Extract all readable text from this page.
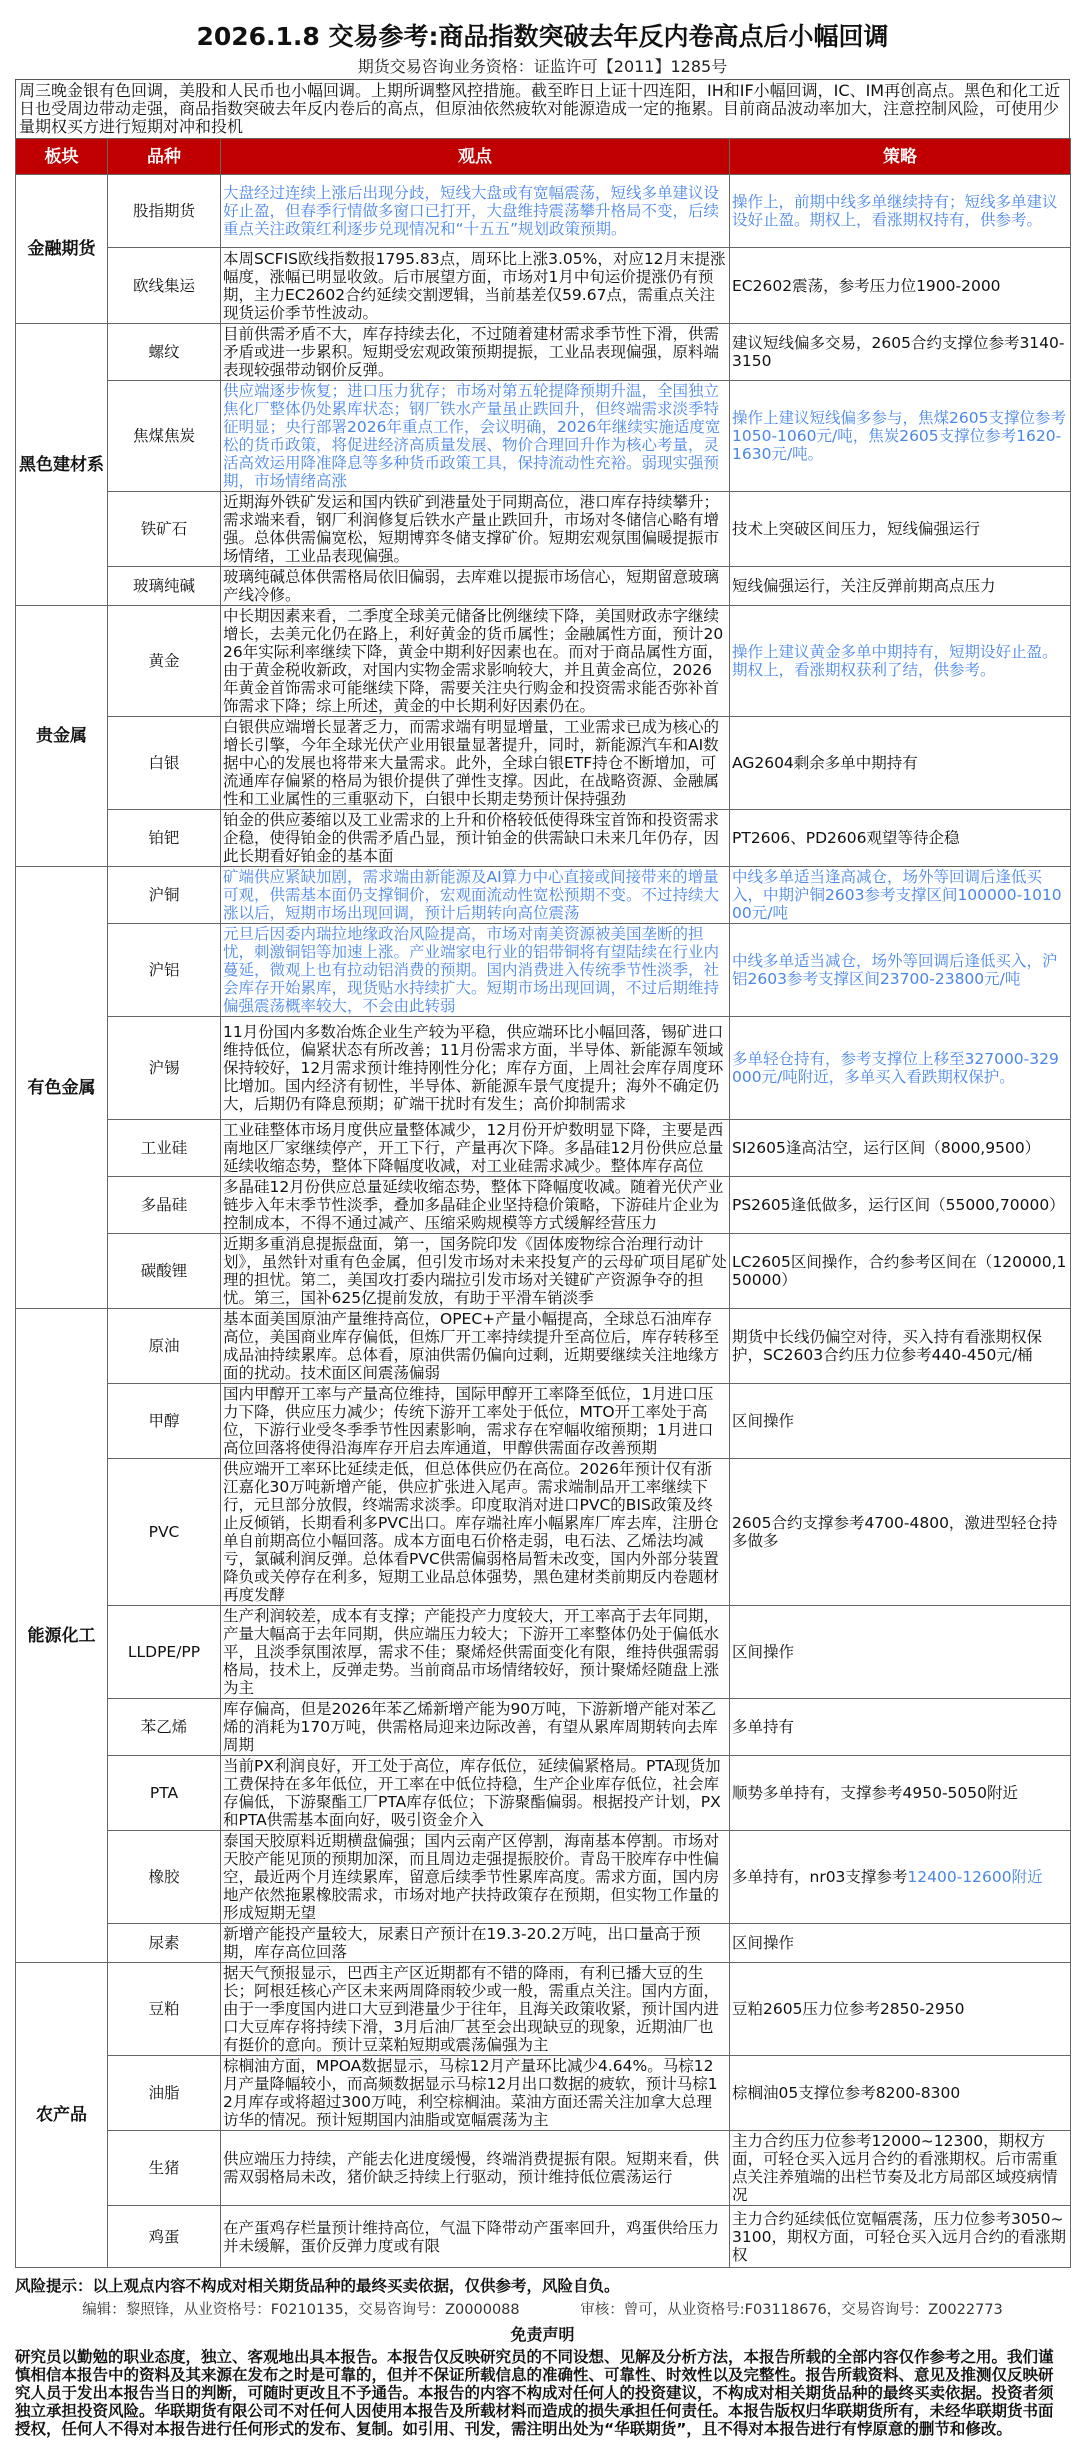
2026.1.8 交易参考:商品指数突破去年反内卷高点后小幅回调
期货交易咨询业务资格：证监许可【2011】1285号
周三晚金银有色回调，美股和人民币也小幅回调。上期所调整风控措施。截至昨日上证十四连阳，IH和IF小幅回调，IC、IM再创高点。黑色和化工近日也受周边带动走强，商品指数突破去年反内卷后的高点，但原油依然疲软对能源造成一定的拖累。目前商品波动率加大，注意控制风险，可使用少量期权买方进行短期对冲和投机
板块	品种	观点	策略
金融期货	股指期货	大盘经过连续上涨后出现分歧，短线大盘或有宽幅震荡，短线多单建议设好止盈，但春季行情做多窗口已打开，大盘维持震荡攀升格局不变，后续重点关注政策红利逐步兑现情况和“十五五”规划政策预期。	操作上，前期中线多单继续持有；短线多单建议设好止盈。期权上，看涨期权持有，供参考。
	欧线集运	本周SCFIS欧线指数报1795.83点，周环比上涨3.05%，对应12月末提涨幅度，涨幅已明显收敛。后市展望方面，市场对1月中旬运价提涨仍有预期，主力EC2602合约延续交割逻辑，当前基差仅59.67点，需重点关注现货运价季节性波动。	EC2602震荡，参考压力位1900-2000
黑色建材系	螺纹	目前供需矛盾不大，库存持续去化，不过随着建材需求季节性下滑，供需矛盾或进一步累积。短期受宏观政策预期提振，工业品表现偏强，原料端表现较强带动钢价反弹。	建议短线偏多交易，2605合约支撑位参考3140-3150
	焦煤焦炭	供应端逐步恢复；进口压力犹存；市场对第五轮提降预期升温，全国独立焦化厂整体仍处累库状态；钢厂铁水产量虽止跌回升，但终端需求淡季特征明显；央行部署2026年重点工作，会议明确，2026年继续实施适度宽松的货币政策，将促进经济高质量发展、物价合理回升作为核心考量，灵活高效运用降准降息等多种货币政策工具，保持流动性充裕。弱现实强预期，市场情绪高涨	操作上建议短线偏多参与，焦煤2605支撑位参考1050-1060元/吨，焦炭2605支撑位参考1620-1630元/吨。
	铁矿石	近期海外铁矿发运和国内铁矿到港量处于同期高位，港口库存持续攀升；需求端来看，钢厂利润修复后铁水产量止跌回升，市场对冬储信心略有增强。总体供需偏宽松，短期博弈冬储支撑矿价。短期宏观氛围偏暖提振市场情绪，工业品表现偏强。	技术上突破区间压力，短线偏强运行
	玻璃纯碱	玻璃纯碱总体供需格局依旧偏弱，去库难以提振市场信心，短期留意玻璃产线冷修。	短线偏强运行，关注反弹前期高点压力
贵金属	黄金	中长期因素来看，二季度全球美元储备比例继续下降，美国财政赤字继续增长，去美元化仍在路上，利好黄金的货币属性；金融属性方面，预计2026年实际利率继续下降，黄金中期利好因素也在。而对于商品属性方面，由于黄金税收新政，对国内实物金需求影响较大，并且黄金高位，2026年黄金首饰需求可能继续下降，需要关注央行购金和投资需求能否弥补首饰需求下降；综上所述，黄金的中长期利好因素仍在。	操作上建议黄金多单中期持有，短期设好止盈。期权上，看涨期权获利了结，供参考。
	白银	白银供应端增长显著乏力，而需求端有明显增量，工业需求已成为核心的增长引擎，今年全球光伏产业用银量显著提升，同时，新能源汽车和AI数据中心的发展也将带来大量需求。此外，全球白银ETF持仓不断增加，可流通库存偏紧的格局为银价提供了弹性支撑。因此，在战略资源、金融属性和工业属性的三重驱动下，白银中长期走势预计保持强劲	AG2604剩余多单中期持有
	铂钯	铂金的供应萎缩以及工业需求的上升和价格较低使得珠宝首饰和投资需求企稳，使得铂金的供需矛盾凸显，预计铂金的供需缺口未来几年仍存，因此长期看好铂金的基本面	PT2606、PD2606观望等待企稳
有色金属	沪铜	矿端供应紧缺加剧，需求端由新能源及AI算力中心直接或间接带来的增量可观，供需基本面仍支撑铜价，宏观面流动性宽松预期不变。不过持续大涨以后，短期市场出现回调，预计后期转向高位震荡	中线多单适当逢高减仓，场外等回调后逢低买入，中期沪铜2603参考支撑区间100000-101000元/吨
	沪铝	元旦后因委内瑞拉地缘政治风险提高，市场对南美资源被美国垄断的担忧，刺激铜铝等加速上涨。产业端家电行业的铝带铜将有望陆续在行业内蔓延，微观上也有拉动铝消费的预期。国内消费进入传统季节性淡季，社会库存开始累库，现货贴水持续扩大。短期市场出现回调，不过后期维持偏强震荡概率较大，不会由此转弱	中线多单适当减仓，场外等回调后逢低买入，沪铝2603参考支撑区间23700-23800元/吨
	沪锡	11月份国内多数冶炼企业生产较为平稳，供应端环比小幅回落，锡矿进口维持低位，偏紧状态有所改善；11月份需求方面，半导体、新能源车领域保持较好，12月需求预计维持刚性分化；库存方面，上周社会库存周度环比增加。国内经济有韧性，半导体、新能源车景气度提升；海外不确定仍大，后期仍有降息预期；矿端干扰时有发生；高价抑制需求	多单轻仓持有，参考支撑位上移至327000-329000元/吨附近，多单买入看跌期权保护。
	工业硅	工业硅整体市场月度供应量整体减少，12月份开炉数明显下降，主要是西南地区厂家继续停产，开工下行，产量再次下降。多晶硅12月份供应总量延续收缩态势，整体下降幅度收减，对工业硅需求减少。整体库存高位	SI2605逢高沽空，运行区间（8000,9500）
	多晶硅	多晶硅12月份供应总量延续收缩态势，整体下降幅度收减。随着光伏产业链步入年末季节性淡季，叠加多晶硅企业坚持稳价策略，下游硅片企业为控制成本，不得不通过减产、压缩采购规模等方式缓解经营压力	PS2605逢低做多，运行区间（55000,70000）
	碳酸锂	近期多重消息提振盘面，第一，国务院印发《固体废物综合治理行动计划》，虽然针对重有色金属，但引发市场对未来投复产的云母矿项目尾矿处理的担忧。第二，美国攻打委内瑞拉引发市场对关键矿产资源争夺的担忧。第三，国补625亿提前发放，有助于平滑车销淡季	LC2605区间操作，合约参考区间在（120000,150000）
能源化工	原油	基本面美国原油产量维持高位，OPEC+产量小幅提高，全球总石油库存高位，美国商业库存偏低，但炼厂开工率持续提升至高位后，库存转移至成品油持续累库。总体看，原油供需仍偏向过剩，近期要继续关注地缘方面的扰动。技术面区间震荡偏弱	期货中长线仍偏空对待，买入持有看涨期权保护，SC2603合约压力位参考440-450元/桶
	甲醇	国内甲醇开工率与产量高位维持，国际甲醇开工率降至低位，1月进口压力下降，供应压力减少；传统下游开工率处于低位，MTO开工率处于高位，下游行业受冬季季节性因素影响，需求存在窄幅收缩预期；1月进口高位回落将使得沿海库存开启去库通道，甲醇供需面存改善预期	区间操作
	PVC	供应端开工率环比延续走低，但总体供应仍在高位。2026年预计仅有浙江嘉化30万吨新增产能，供应扩张进入尾声。需求端制品开工率继续下行，元旦部分放假，终端需求淡季。印度取消对进口PVC的BIS政策及终止反倾销，长期看利多PVC出口。库存端社库小幅累库厂库去库，注册仓单自前期高位小幅回落。成本方面电石价格走弱，电石法、乙烯法均减亏，氯碱利润反弹。总体看PVC供需偏弱格局暂未改变，国内外部分装置降负或关停存在利多，短期工业品总体强势，黑色建材类前期反内卷题材再度发酵	2605合约支撑参考4700-4800，激进型轻仓持多做多
	LLDPE/PP	生产利润较差，成本有支撑；产能投产力度较大，开工率高于去年同期，产量大幅高于去年同期，供应端压力较大；下游开工率整体仍处于偏低水平，且淡季氛围浓厚，需求不佳；聚烯烃供需面变化有限，维持供强需弱格局，技术上，反弹走势。当前商品市场情绪较好，预计聚烯烃随盘上涨为主	区间操作
	苯乙烯	库存偏高，但是2026年苯乙烯新增产能为90万吨，下游新增产能对苯乙烯的消耗为170万吨，供需格局迎来边际改善，有望从累库周期转向去库周期	多单持有
	PTA	当前PX利润良好，开工处于高位，库存低位，延续偏紧格局。PTA现货加工费保持在多年低位，开工率在中低位持稳，生产企业库存低位，社会库存偏低，下游聚酯工厂PTA库存低位；下游聚酯偏弱。根据投产计划，PX和PTA供需基本面向好，吸引资金介入	顺势多单持有，支撑参考4950-5050附近
	橡胶	泰国天胶原料近期横盘偏强；国内云南产区停割，海南基本停割。市场对天胶产能见顶的预期加深，而且周边走强提振胶价。青岛干胶库存中性偏空，最近两个月连续累库，留意后续季节性累库高度。需求方面，国内房地产依然拖累橡胶需求，市场对地产扶持政策存在预期，但实物工作量的形成短期无望	多单持有，nr03支撑参考12400-12600附近
	尿素	新增产能投产量较大，尿素日产预计在19.3-20.2万吨，出口量高于预期，库存高位回落	区间操作
农产品	豆粕	据天气预报显示，巴西主产区近期都有不错的降雨，有利已播大豆的生长；阿根廷核心产区未来两周降雨较少或一般，需重点关注。国内方面，由于一季度国内进口大豆到港量少于往年，且海关政策收紧，预计国内进口大豆库存将持续下滑，3月后油厂甚至会出现缺豆的现象，近期油厂也有挺价的意向。预计豆菜粕短期或震荡偏强为主	豆粕2605压力位参考2850-2950
	油脂	棕榈油方面，MPOA数据显示，马棕12月产量环比减少4.64%。马棕12月产量降幅较小，而高频数据显示马棕12月出口数据的疲软，预计马棕12月库存或将超过300万吨，利空棕榈油。菜油方面还需关注加拿大总理访华的情况。预计短期国内油脂或宽幅震荡为主	棕榈油05支撑位参考8200-8300
	生猪	供应端压力持续，产能去化进度缓慢，终端消费提振有限。短期来看，供需双弱格局未改，猪价缺乏持续上行驱动，预计维持低位震荡运行	主力合约压力位参考12000~12300，期权方面，可轻仓买入远月合约的看涨期权。后市需重点关注养殖端的出栏节奏及北方局部区域疫病情况
	鸡蛋	在产蛋鸡存栏量预计维持高位，气温下降带动产蛋率回升，鸡蛋供给压力并未缓解，蛋价反弹力度或有限	主力合约延续低位宽幅震荡，压力位参考3050~3100，期权方面，可轻仓买入远月合约的看涨期权
风险提示：以上观点内容不构成对相关期货品种的最终买卖依据，仅供参考，风险自负。
编辑：黎照锋，从业资格号：F0210135，交易咨询号：Z0000088	审核：曾可，从业资格号:F03118676，交易咨询号：Z0022773
免责声明
研究员以勤勉的职业态度，独立、客观地出具本报告。本报告仅反映研究员的不同设想、见解及分析方法，本报告所载的全部内容仅作参考之用。我们谨慎相信本报告中的资料及其来源在发布之时是可靠的，但并不保证所载信息的准确性、可靠性、时效性以及完整性。报告所载资料、意见及推测仅反映研究人员于发出本报告当日的判断，可随时更改且不予通告。本报告的内容不构成对任何人的投资建议，不构成对相关期货品种的最终买卖依据。投资者须独立承担投资风险。华联期货有限公司不对任何人因使用本报告及所载材料而造成的损失承担任何责任。本报告版权归华联期货所有，未经华联期货书面授权，任何人不得对本报告进行任何形式的发布、复制。如引用、刊发，需注明出处为“华联期货”，且不得对本报告进行有悖原意的删节和修改。
